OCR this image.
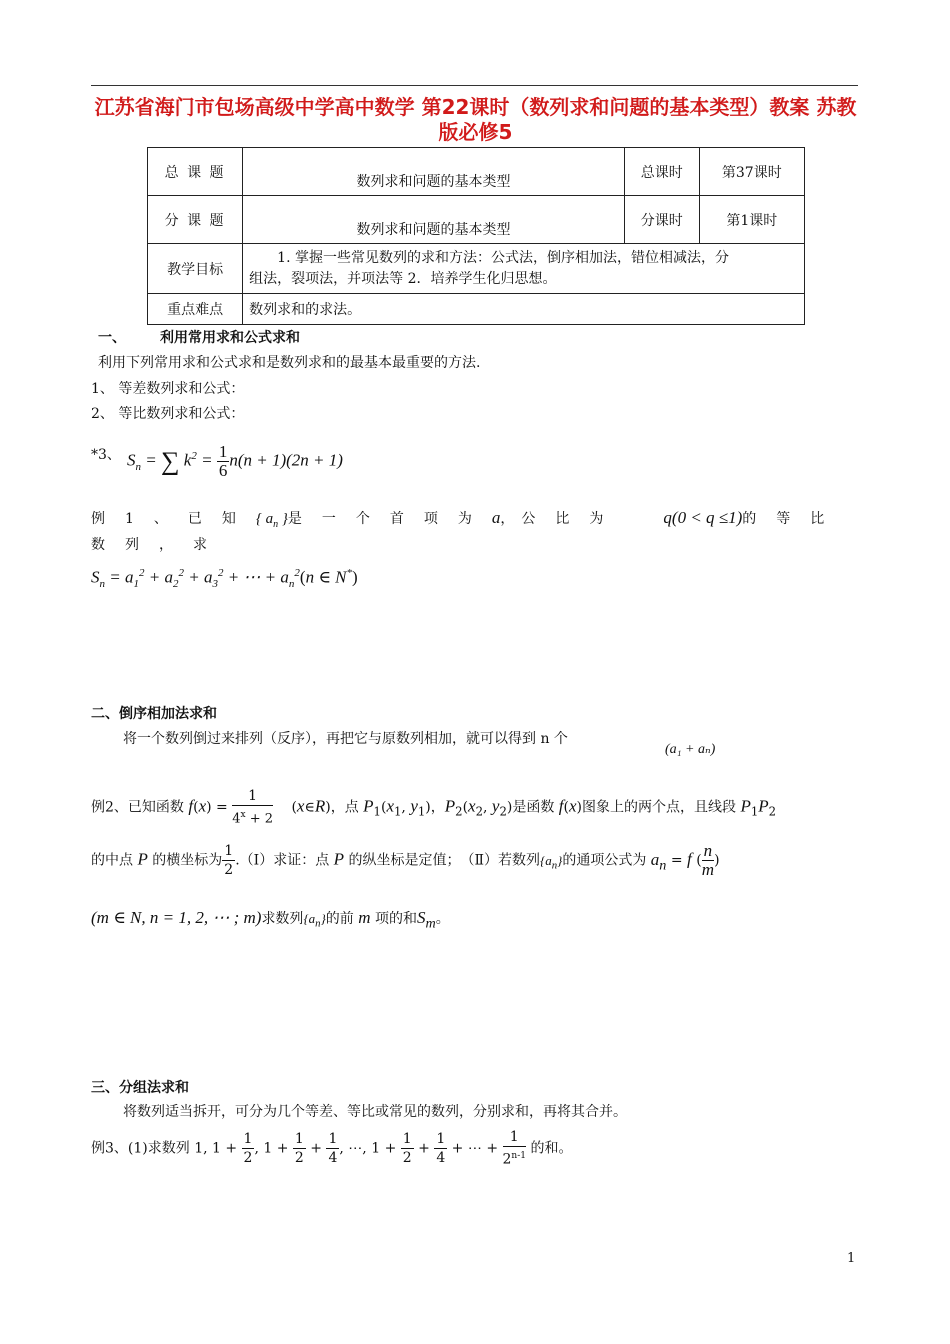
江苏省海门市包场高级中学高中数学 第22课时（数列求和问题的基本类型）教案 苏教版必修5
总 课 题	数列求和问题的基本类型	总课时	第37课时
分 课 题	数列求和问题的基本类型	分课时	第1课时
教学目标	1. 掌握一些常见数列的求和方法：公式法，倒序相加法，错位相减法，分
组法，裂项法，并项法等 2．培养学生化归思想。		

重点难点	数列求和的求法。		
一、 利用常用求和公式求和
利用下列常用求和公式求和是数列求和的最基本最重要的方法.
1、 等差数列求和公式：
2、 等比数列求和公式：
*3、 $S_n$ = ∑ $k^2 = \frac{1}{6} n(n + 1)(2n + 1)$
例1、已知{ $a_n$ }是一个首项为a，　公比为 q(0 < q ≤1)的等比数列，求
$S_n = a_1^2 + a_2^2 + a_3^2$ + ⋯ + $a_n^2(n$ ∈ N*)
二、倒序相加法求和
将一个数列倒过来排列（反序），再把它与原数列相加，就可以得到 n 个
(a₁ + aₙ)
例2、已知函数 $f(x) = \frac{1}{4^x + 2}$ 　(x∈R)，点 $P_1(x_1$, $y_1$)，$P_2(x_2$, $y_2$)是函数 f(x)图象上的两个点，且线段 $P_1P_2$
的中点 P 的横坐标为 $\frac{1}{2}$ .（Ⅰ）求证：点 P 的纵坐标是定值；　（Ⅱ）若数列$\{a_n\}$的通项公式为 $a_n = f$ ( $\frac{n}{m}$ )
(m ∈ N, n = 1, 2, ⋯ ; m)求数列$\{a_n\}$的前 m 项的和$S_m$。
三、分组法求和
将数列适当拆开，可分为几个等差、等比或常见的数列，分别求和，再将其合并。
例3、(1)求数列 1, $1 + \frac{1}{2}$ , $1 + \frac{1}{2} + \frac{1}{4}$ , ⋯, $1 + \frac{1}{2} + \frac{1}{4}$ + ⋯ + $\frac{1}{2^{n-1}}$ 的和。
1
